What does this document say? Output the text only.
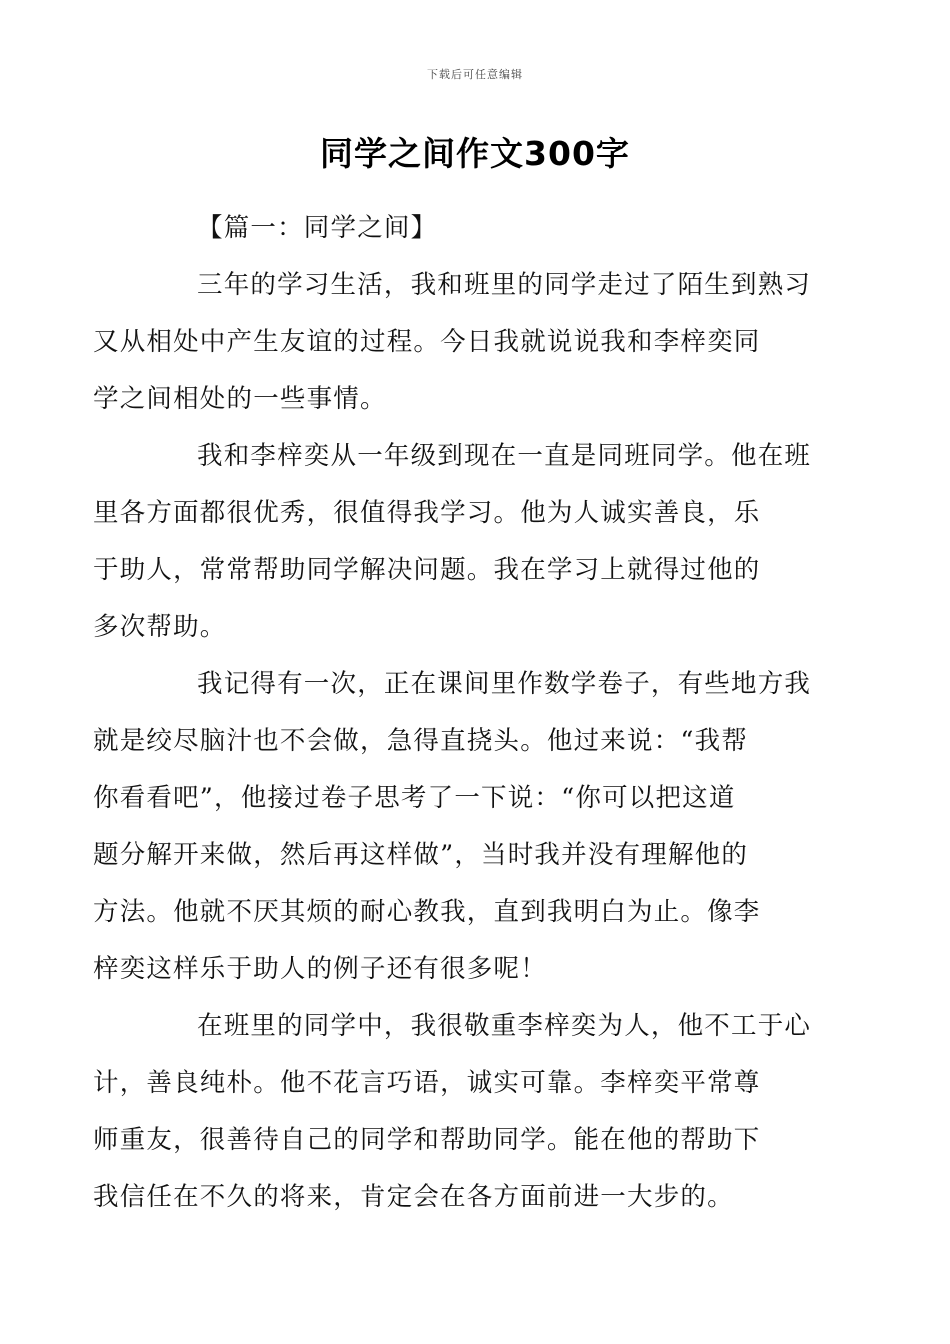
下载后可任意编辑
同学之间作文300字

【篇一：同学之间】

三年的学习生活，我和班里的同学走过了陌生到熟习
又从相处中产生友谊的过程。今日我就说说我和李梓奕同
学之间相处的一些事情。

我和李梓奕从一年级到现在一直是同班同学。他在班
里各方面都很优秀，很值得我学习。他为人诚实善良，乐
于助人，常常帮助同学解决问题。我在学习上就得过他的
多次帮助。

我记得有一次，正在课间里作数学卷子，有些地方我
就是绞尽脑汁也不会做，急得直挠头。他过来说：“我帮
你看看吧”，他接过卷子思考了一下说：“你可以把这道
题分解开来做，然后再这样做”，当时我并没有理解他的
方法。他就不厌其烦的耐心教我，直到我明白为止。像李
梓奕这样乐于助人的例子还有很多呢！

在班里的同学中，我很敬重李梓奕为人，他不工于心
计，善良纯朴。他不花言巧语，诚实可靠。李梓奕平常尊
师重友，很善待自己的同学和帮助同学。能在他的帮助下
我信任在不久的将来，肯定会在各方面前进一大步的。
